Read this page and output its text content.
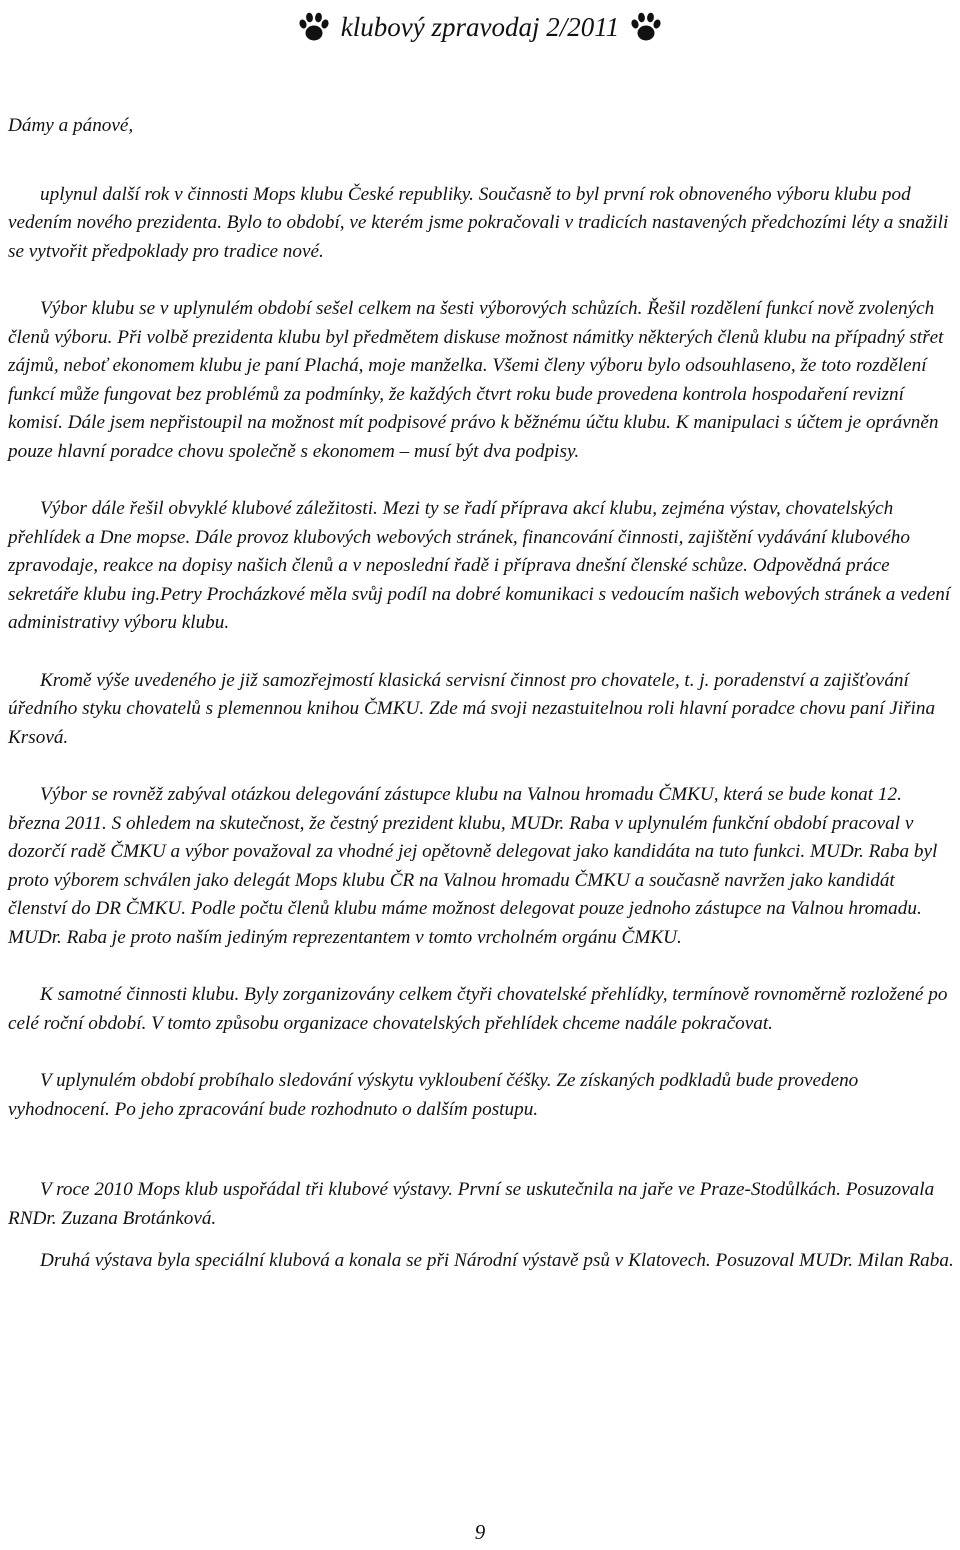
klubový zpravodaj 2/2011

Dámy a pánové,

uplynul další rok v činnosti Mops klubu České republiky. Současně to byl první rok obnoveného výboru klubu pod vedením nového prezidenta. Bylo to období, ve kterém jsme pokračovali v tradicích nastavených předchozími léty a snažili se vytvořit předpoklady pro tradice nové.

Výbor klubu se v uplynulém období sešel celkem na šesti výborových schůzích. Řešil rozdělení funkcí nově zvolených členů výboru. Při volbě prezidenta klubu byl předmětem diskuse možnost námitky některých členů klubu na případný střet zájmů, neboť ekonomem klubu je paní Plachá, moje manželka. Všemi členy výboru bylo odsouhlaseno, že toto rozdělení funkcí může fungovat bez problémů za podmínky, že každých čtvrt roku bude provedena kontrola hospodaření revizní komisí. Dále jsem nepřistoupil na možnost mít podpisové právo k běžnému účtu klubu. K manipulaci s účtem je oprávněn pouze hlavní poradce chovu společně s ekonomem – musí být dva podpisy.

Výbor dále řešil obvyklé klubové záležitosti. Mezi ty se řadí příprava akcí klubu, zejména výstav, chovatelských přehlídek a Dne mopse. Dále provoz klubových webových stránek, financování činnosti, zajištění vydávání klubového zpravodaje, reakce na dopisy našich členů a v neposlední řadě i příprava dnešní členské schůze. Odpovědná práce sekretáře klubu ing.Petry Procházkové měla svůj podíl na dobré komunikaci s vedoucím našich webových stránek a vedení administrativy výboru klubu.

Kromě výše uvedeného je již samozřejmostí klasická servisní činnost pro chovatele, t. j. poradenství a zajišťování úředního styku chovatelů s plemennou knihou ČMKU. Zde má svoji nezastuitelnou roli hlavní poradce chovu paní Jiřina Krsová.

Výbor se rovněž zabýval otázkou delegování zástupce klubu na Valnou hromadu ČMKU, která se bude konat 12. března 2011. S ohledem na skutečnost, že čestný prezident klubu, MUDr. Raba v uplynulém funkční období pracoval v dozorčí radě ČMKU a výbor považoval za vhodné jej opětovně delegovat jako kandidáta na tuto funkci. MUDr. Raba byl proto výborem schválen jako delegát Mops klubu ČR na Valnou hromadu ČMKU a současně navržen jako kandidát členství do DR ČMKU. Podle počtu členů klubu máme možnost delegovat pouze jednoho zástupce na Valnou hromadu. MUDr. Raba je proto naším jediným reprezentantem v tomto vrcholném orgánu ČMKU.

K samotné činnosti klubu. Byly zorganizovány celkem čtyři chovatelské přehlídky, termínově rovnoměrně rozložené po celé roční období. V tomto způsobu organizace chovatelských přehlídek chceme nadále pokračovat.

V uplynulém období probíhalo sledování výskytu vykloubení čéšky. Ze získaných podkladů bude provedeno vyhodnocení. Po jeho zpracování bude rozhodnuto o dalším postupu.

V roce 2010 Mops klub uspořádal tři klubové výstavy. První se uskutečnila na jaře ve Praze-Stodůlkách. Posuzovala RNDr. Zuzana Brotánková.

Druhá výstava byla speciální klubová a konala se při Národní výstavě psů v Klatovech. Posuzoval MUDr. Milan Raba.

9
